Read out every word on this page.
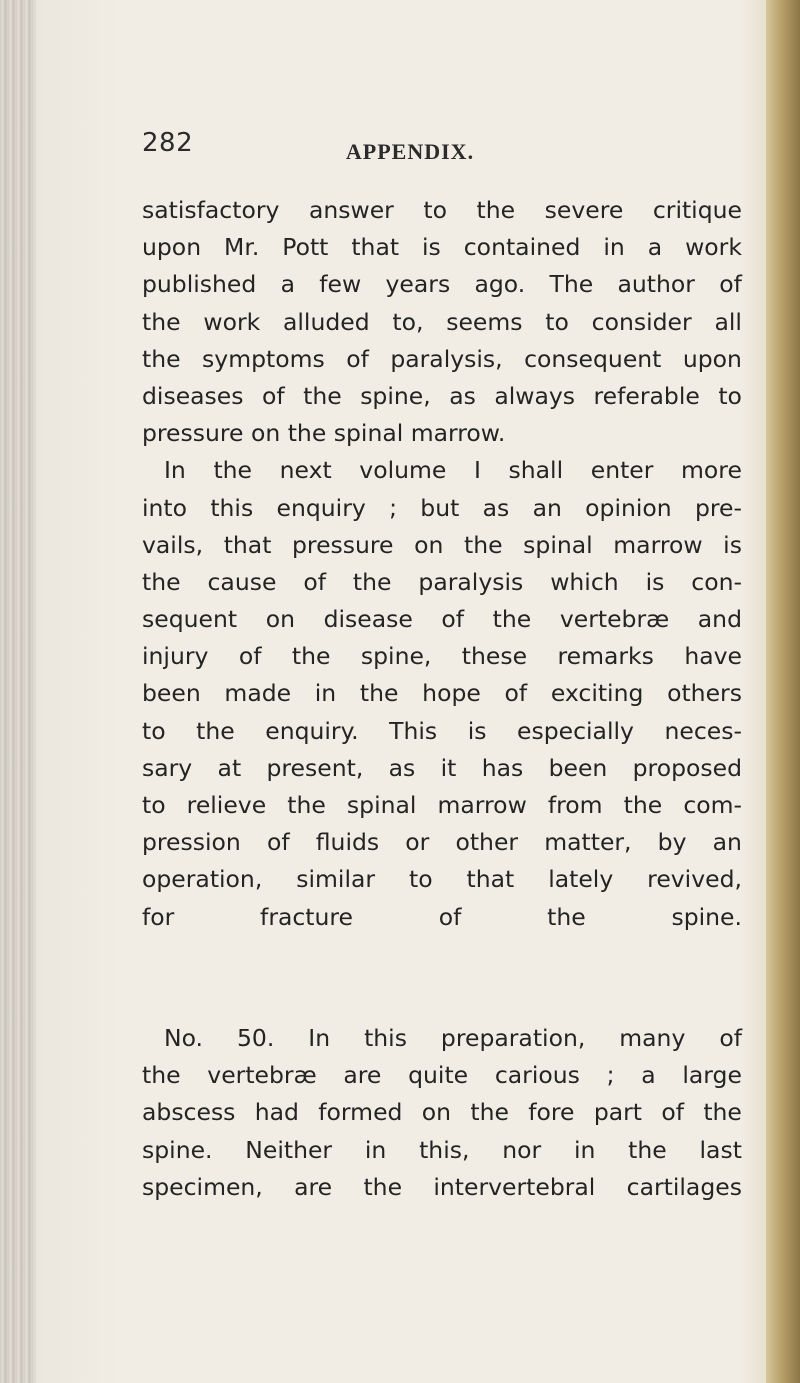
282	APPENDIX.

satisfactory answer to the severe critique
upon Mr. Pott that is contained in a work
published a few years ago. The author of
the work alluded to, seems to consider all
the symptoms of paralysis, consequent upon
diseases of the spine, as always referable to
pressure on the spinal marrow.
In the next volume I shall enter more
into this enquiry ; but as an opinion pre-
vails, that pressure on the spinal marrow is
the cause of the paralysis which is con-
sequent on disease of the vertebræ and
injury of the spine, these remarks have
been made in the hope of exciting others
to the enquiry. This is especially neces-
sary at present, as it has been proposed
to relieve the spinal marrow from the com-
pression of fluids or other matter, by an
operation, similar to that lately revived,
for	fracture	of	the	spine.
No. 50. In this preparation, many of
the vertebræ are quite carious ; a large
abscess had formed on the fore part of the
spine. Neither in this, nor in the last
specimen, are the intervertebral cartilages
